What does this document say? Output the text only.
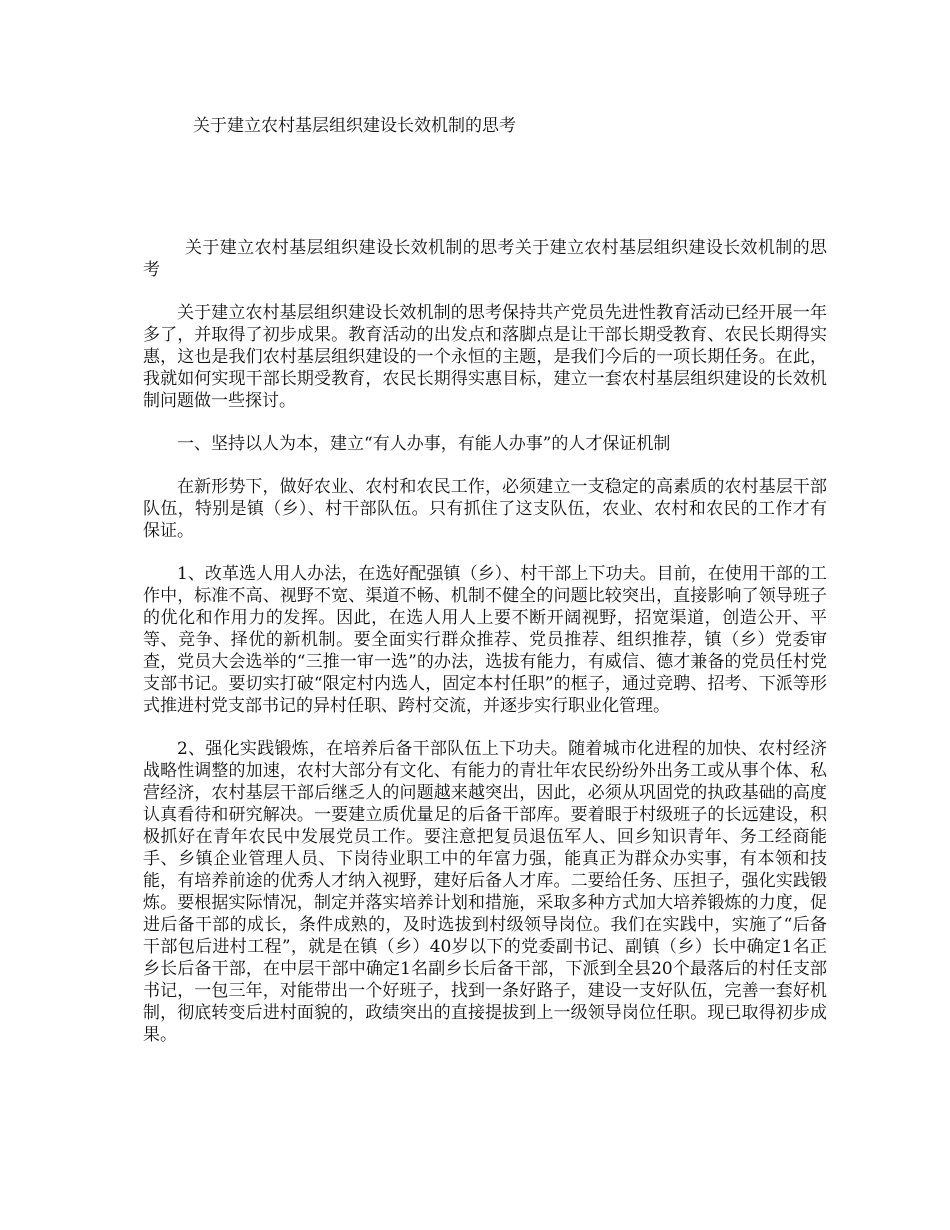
关于建立农村基层组织建设长效机制的思考

关于建立农村基层组织建设长效机制的思考关于建立农村基层组织建设长效机制的思考

关于建立农村基层组织建设长效机制的思考保持共产党员先进性教育活动已经开展一年多了，并取得了初步成果。教育活动的出发点和落脚点是让干部长期受教育、农民长期得实惠，这也是我们农村基层组织建设的一个永恒的主题，是我们今后的一项长期任务。在此，我就如何实现干部长期受教育，农民长期得实惠目标，建立一套农村基层组织建设的长效机制问题做一些探讨。

一、坚持以人为本，建立“有人办事，有能人办事”的人才保证机制

在新形势下，做好农业、农村和农民工作，必须建立一支稳定的高素质的农村基层干部队伍，特别是镇（乡）、村干部队伍。只有抓住了这支队伍，农业、农村和农民的工作才有保证。

1、改革选人用人办法，在选好配强镇（乡）、村干部上下功夫。目前，在使用干部的工作中，标准不高、视野不宽、渠道不畅、机制不健全的问题比较突出，直接影响了领导班子的优化和作用力的发挥。因此，在选人用人上要不断开阔视野，招宽渠道，创造公开、平等、竞争、择优的新机制。要全面实行群众推荐、党员推荐、组织推荐，镇（乡）党委审查，党员大会选举的“三推一审一选”的办法，选拔有能力，有威信、德才兼备的党员任村党支部书记。要切实打破“限定村内选人，固定本村任职”的框子，通过竞聘、招考、下派等形式推进村党支部书记的异村任职、跨村交流，并逐步实行职业化管理。

2、强化实践锻炼，在培养后备干部队伍上下功夫。随着城市化进程的加快、农村经济战略性调整的加速，农村大部分有文化、有能力的青壮年农民纷纷外出务工或从事个体、私营经济，农村基层干部后继乏人的问题越来越突出，因此，必须从巩固党的执政基础的高度认真看待和研究解决。一要建立质优量足的后备干部库。要着眼于村级班子的长远建设，积极抓好在青年农民中发展党员工作。要注意把复员退伍军人、回乡知识青年、务工经商能手、乡镇企业管理人员、下岗待业职工中的年富力强，能真正为群众办实事，有本领和技能，有培养前途的优秀人才纳入视野，建好后备人才库。二要给任务、压担子，强化实践锻炼。要根据实际情况，制定并落实培养计划和措施，采取多种方式加大培养锻炼的力度，促进后备干部的成长，条件成熟的，及时选拔到村级领导岗位。我们在实践中，实施了“后备干部包后进村工程”，就是在镇（乡）40岁以下的党委副书记、副镇（乡）长中确定1名正乡长后备干部，在中层干部中确定1名副乡长后备干部，下派到全县20个最落后的村任支部书记，一包三年，对能带出一个好班子，找到一条好路子，建设一支好队伍，完善一套好机制，彻底转变后进村面貌的，政绩突出的直接提拔到上一级领导岗位任职。现已取得初步成果。
